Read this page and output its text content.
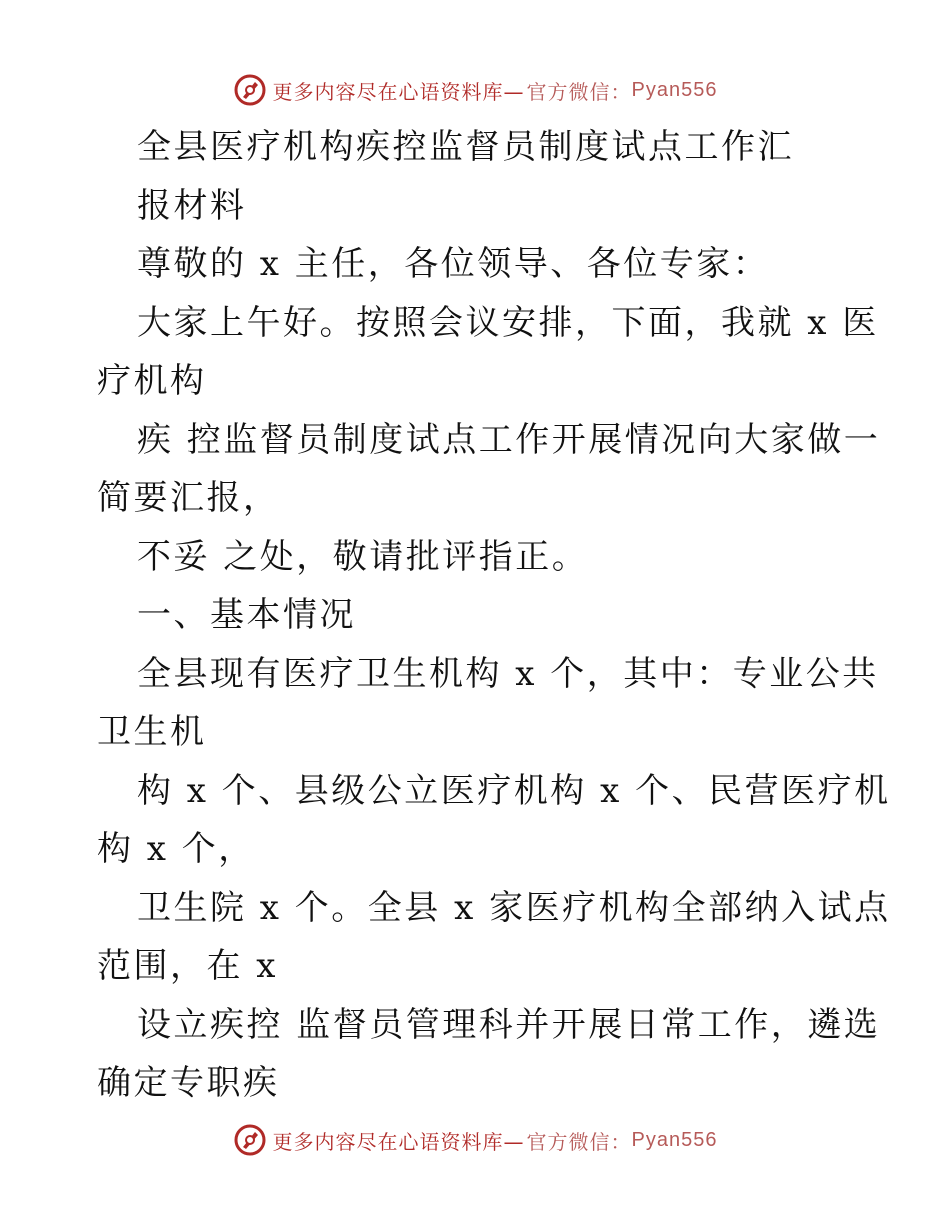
更多内容尽在心语资料库— 官方微信： Pyan556
全县医疗机构疾控监督员制度试点工作汇
报材料
尊敬的 x 主任，各位领导、各位专家：
大家上午好。按照会议安排，下面，我就 x 医
疗机构
疾 控监督员制度试点工作开展情况向大家做一
简要汇报，
不妥 之处，敬请批评指正。
一、基本情况
全县现有医疗卫生机构 x 个，其中：专业公共
卫生机
构 x 个、县级公立医疗机构 x 个、民营医疗机
构 x 个，
卫生院 x 个。全县 x 家医疗机构全部纳入试点
范围，在 x
设立疾控 监督员管理科并开展日常工作，遴选
确定专职疾
更多内容尽在心语资料库— 官方微信： Pyan556
